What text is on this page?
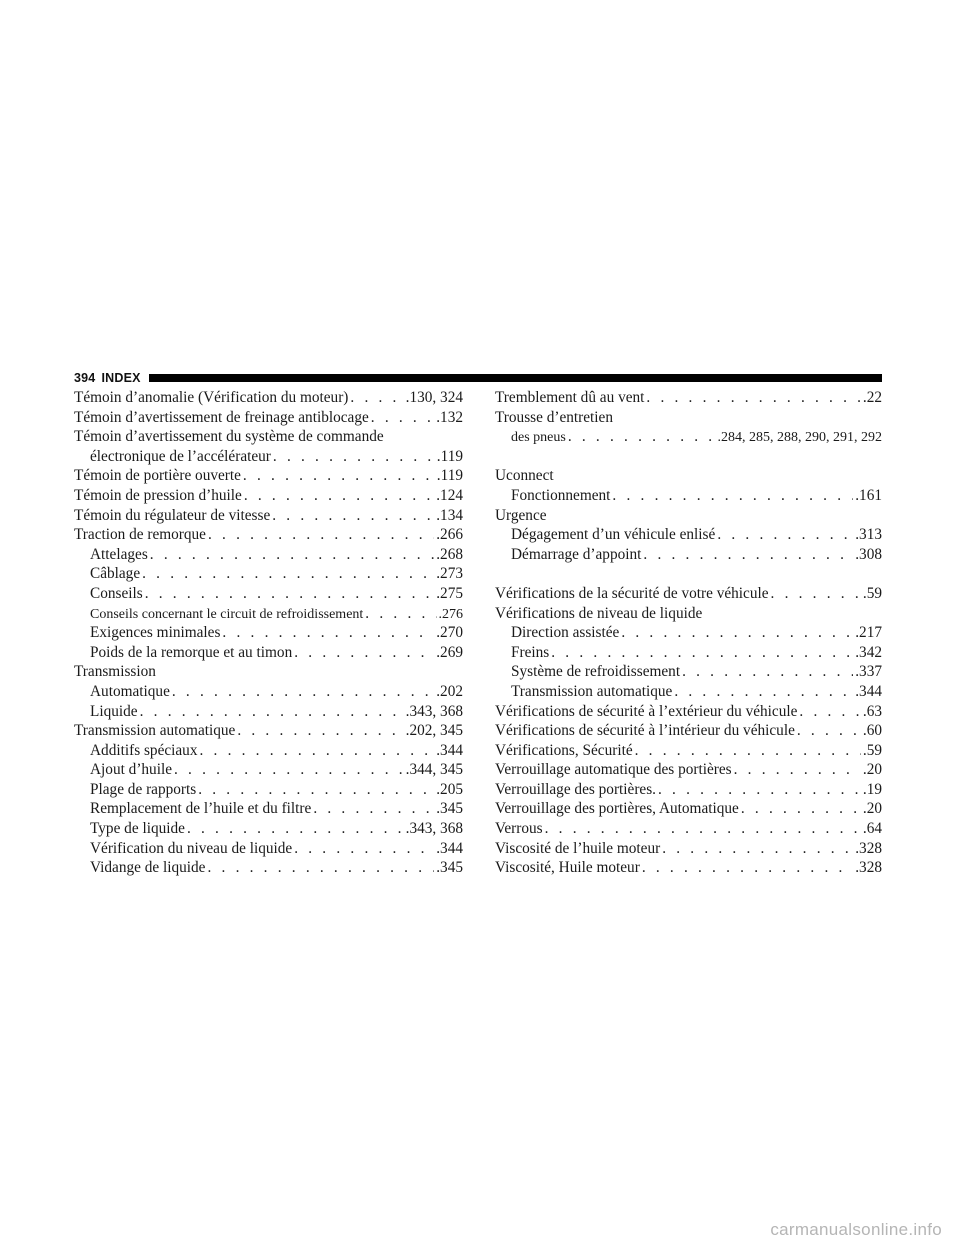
394 INDEX
Témoin d’anomalie (Vérification du moteur) . . .	.130, 324
Témoin d’avertissement de freinage antiblocage . . .	.132
Témoin d’avertissement du système de commande
électronique de l’accélérateur . . .	.119
Témoin de portière ouverte . . .	.119
Témoin de pression d’huile . . .	.124
Témoin du régulateur de vitesse . . .	.134
Traction de remorque . . .	.266
Attelages . . .	.268
Câblage . . .	.273
Conseils . . .	.275
Conseils concernant le circuit de refroidissement . . .	.276
Exigences minimales . . .	.270
Poids de la remorque et au timon . . .	.269
Transmission
Automatique . . .	.202
Liquide . . .	.343, 368
Transmission automatique . . .	.202, 345
Additifs spéciaux . . .	.344
Ajout d’huile . . .	.344, 345
Plage de rapports . . .	.205
Remplacement de l’huile et du filtre . . .	.345
Type de liquide . . .	.343, 368
Vérification du niveau de liquide . . .	.344
Vidange de liquide . . .	.345
Tremblement dû au vent . . .	.22
Trousse d’entretien
des pneus . . .	.284, 285, 288, 290, 291, 292
Uconnect
Fonctionnement . . .	.161
Urgence
Dégagement d’un véhicule enlisé . . .	.313
Démarrage d’appoint . . .	.308
Vérifications de la sécurité de votre véhicule . . .	.59
Vérifications de niveau de liquide
Direction assistée . . .	.217
Freins . . .	.342
Système de refroidissement . . .	.337
Transmission automatique . . .	.344
Vérifications de sécurité à l’extérieur du véhicule . . .	.63
Vérifications de sécurité à l’intérieur du véhicule . . .	.60
Vérifications, Sécurité . . .	.59
Verrouillage automatique des portières . . .	.20
Verrouillage des portières. . . .	.19
Verrouillage des portières, Automatique . . .	.20
Verrous . . .	.64
Viscosité de l’huile moteur . . .	.328
Viscosité, Huile moteur . . .	.328
carmanualsonline.info
